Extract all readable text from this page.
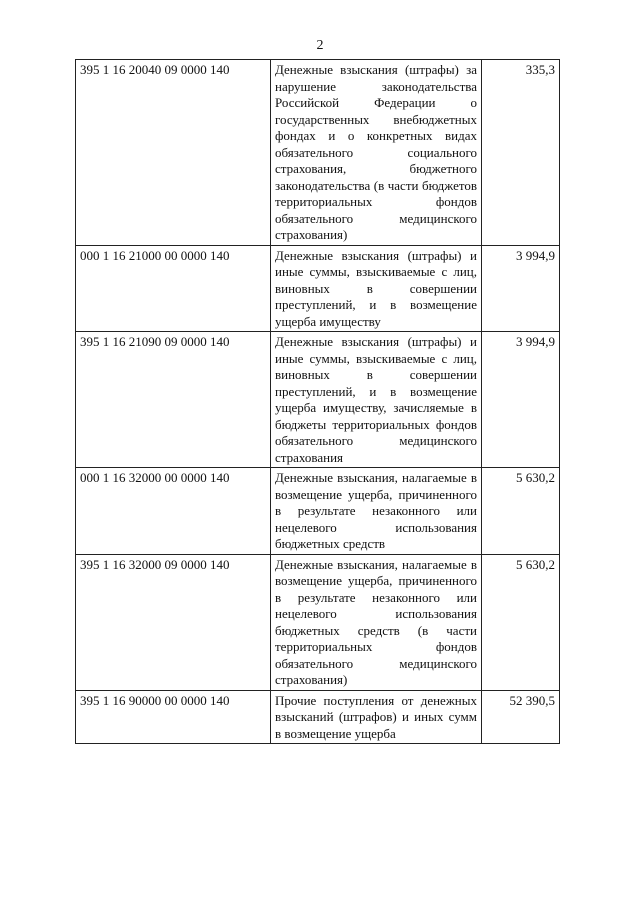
2
395 1 16 20040 09 0000 140	Денежные взыскания (штрафы) за нарушение законодательства Российской Федерации о государственных внебюджетных фондах и о конкретных видах обязательного социального страхования, бюджетного законодательства (в части бюджетов территориальных фондов обязательного медицинского страхования)	335,3
000 1 16 21000 00 0000 140	Денежные взыскания (штрафы) и иные суммы, взыскиваемые с лиц, виновных в совершении преступлений, и в возмещение ущерба имуществу	3 994,9
395 1 16 21090 09 0000 140	Денежные взыскания (штрафы) и иные суммы, взыскиваемые с лиц, виновных в совершении преступлений, и в возмещение ущерба имуществу, зачисляемые в бюджеты территориальных фондов обязательного медицинского страхования	3 994,9
000 1 16 32000 00 0000 140	Денежные взыскания, налагаемые в возмещение ущерба, причиненного в результате незаконного или нецелевого использования бюджетных средств	5 630,2
395 1 16 32000 09 0000 140	Денежные взыскания, налагаемые в возмещение ущерба, причиненного в результате незаконного или нецелевого использования бюджетных средств (в части территориальных фондов обязательного медицинского страхования)	5 630,2
395 1 16 90000 00 0000 140	Прочие поступления от денежных взысканий (штрафов) и иных сумм в возмещение ущерба	52 390,5
